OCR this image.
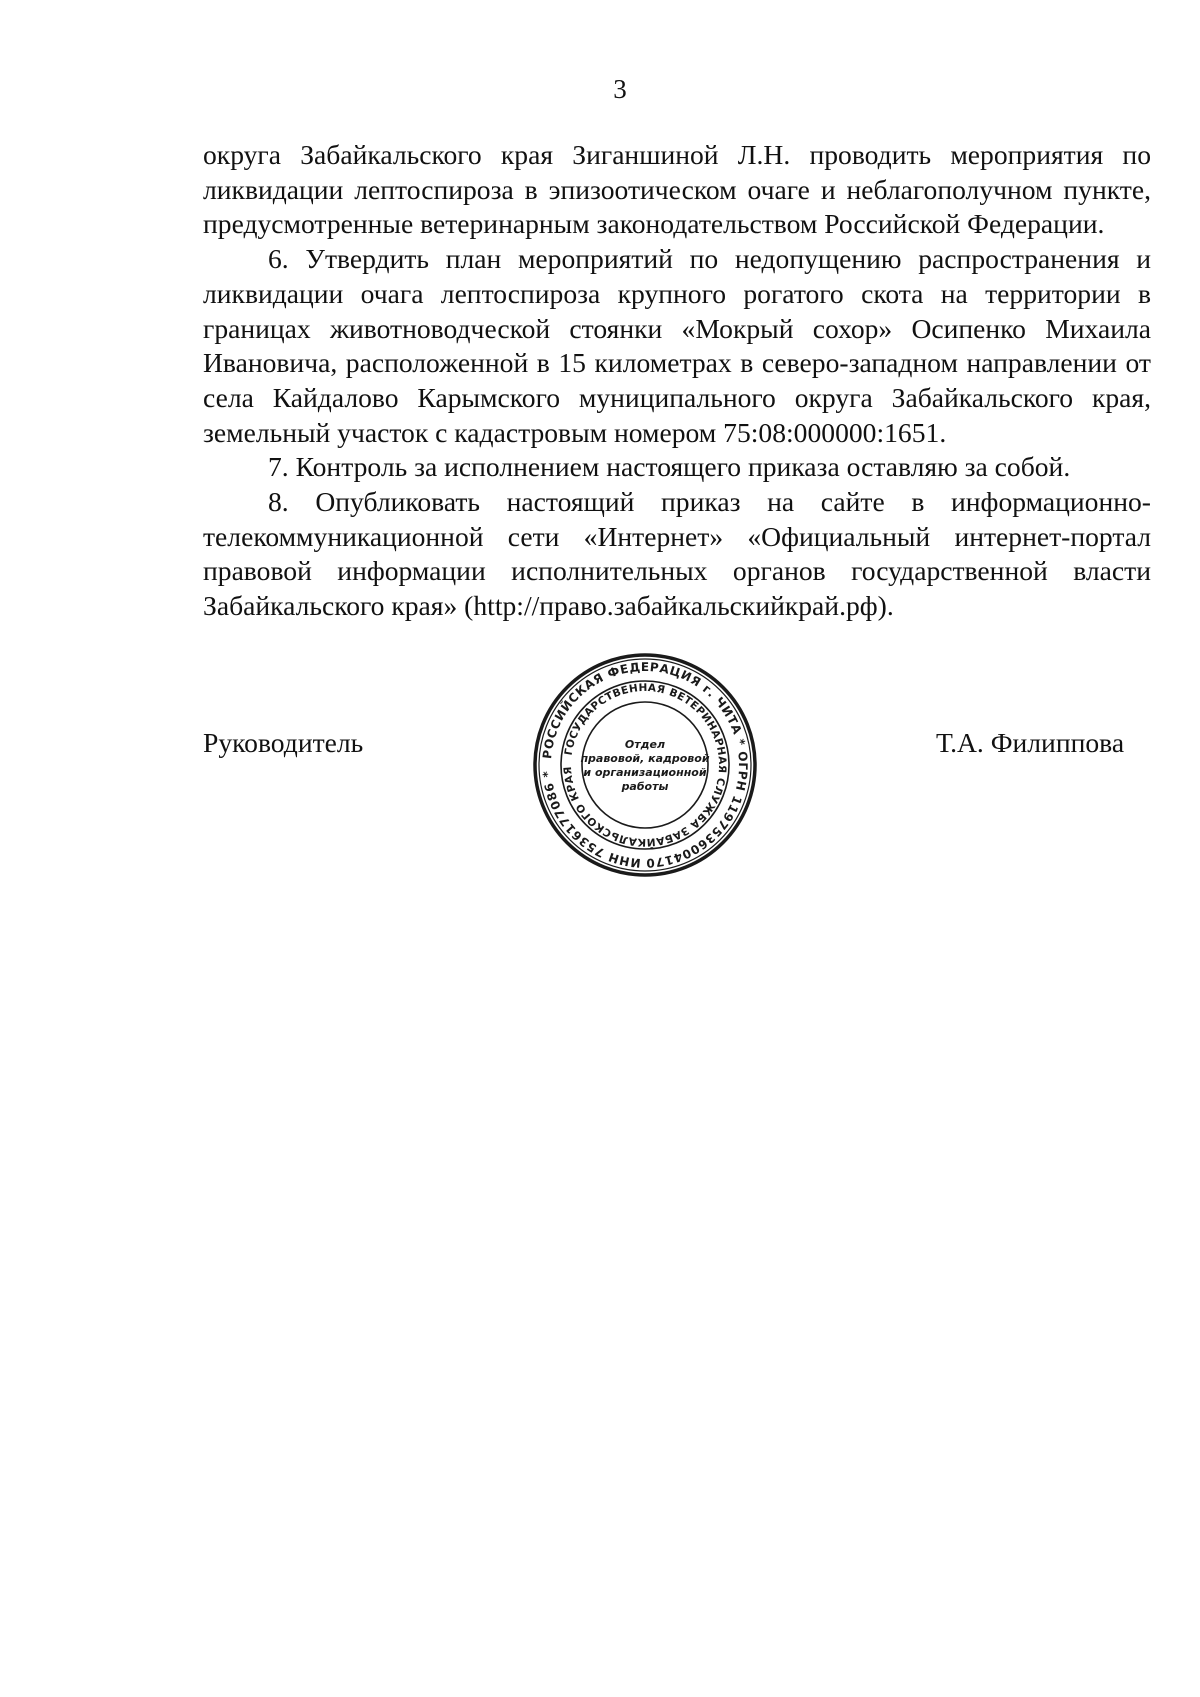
3

округа Забайкальского края Зиганшиной Л.Н. проводить мероприятия по ликвидации лептоспироза в эпизоотическом очаге и неблагополучном пункте, предусмотренные ветеринарным законодательством Российской Федерации.

6. Утвердить план мероприятий по недопущению распространения и ликвидации очага лептоспироза крупного рогатого скота на территории в границах животноводческой стоянки «Мокрый сохор» Осипенко Михаила Ивановича, расположенной в 15 километрах в северо-западном направлении от села Кайдалово Карымского муниципального округа Забайкальского края, земельный участок с кадастровым номером 75:08:000000:1651.

7. Контроль за исполнением настоящего приказа оставляю за собой.

8. Опубликовать настоящий приказ на сайте в информационно-телекоммуникационной сети «Интернет» «Официальный интернет-портал правовой информации исполнительных органов государственной власти Забайкальского края» (http://право.забайкальскийкрай.рф).

Руководитель	РОССИЙСКАЯ ФЕДЕРАЦИЯ г. ЧИТА * ОГРН 1197536004170 ИНН 7536177086 *
ГОСУДАРСТВЕННАЯ ВЕТЕРИНАРНАЯ СЛУЖБА ЗАБАЙКАЛЬСКОГО КРАЯ
Отдел
правовой, кадровой
и организационной
работы
Т.А. Филиппова
